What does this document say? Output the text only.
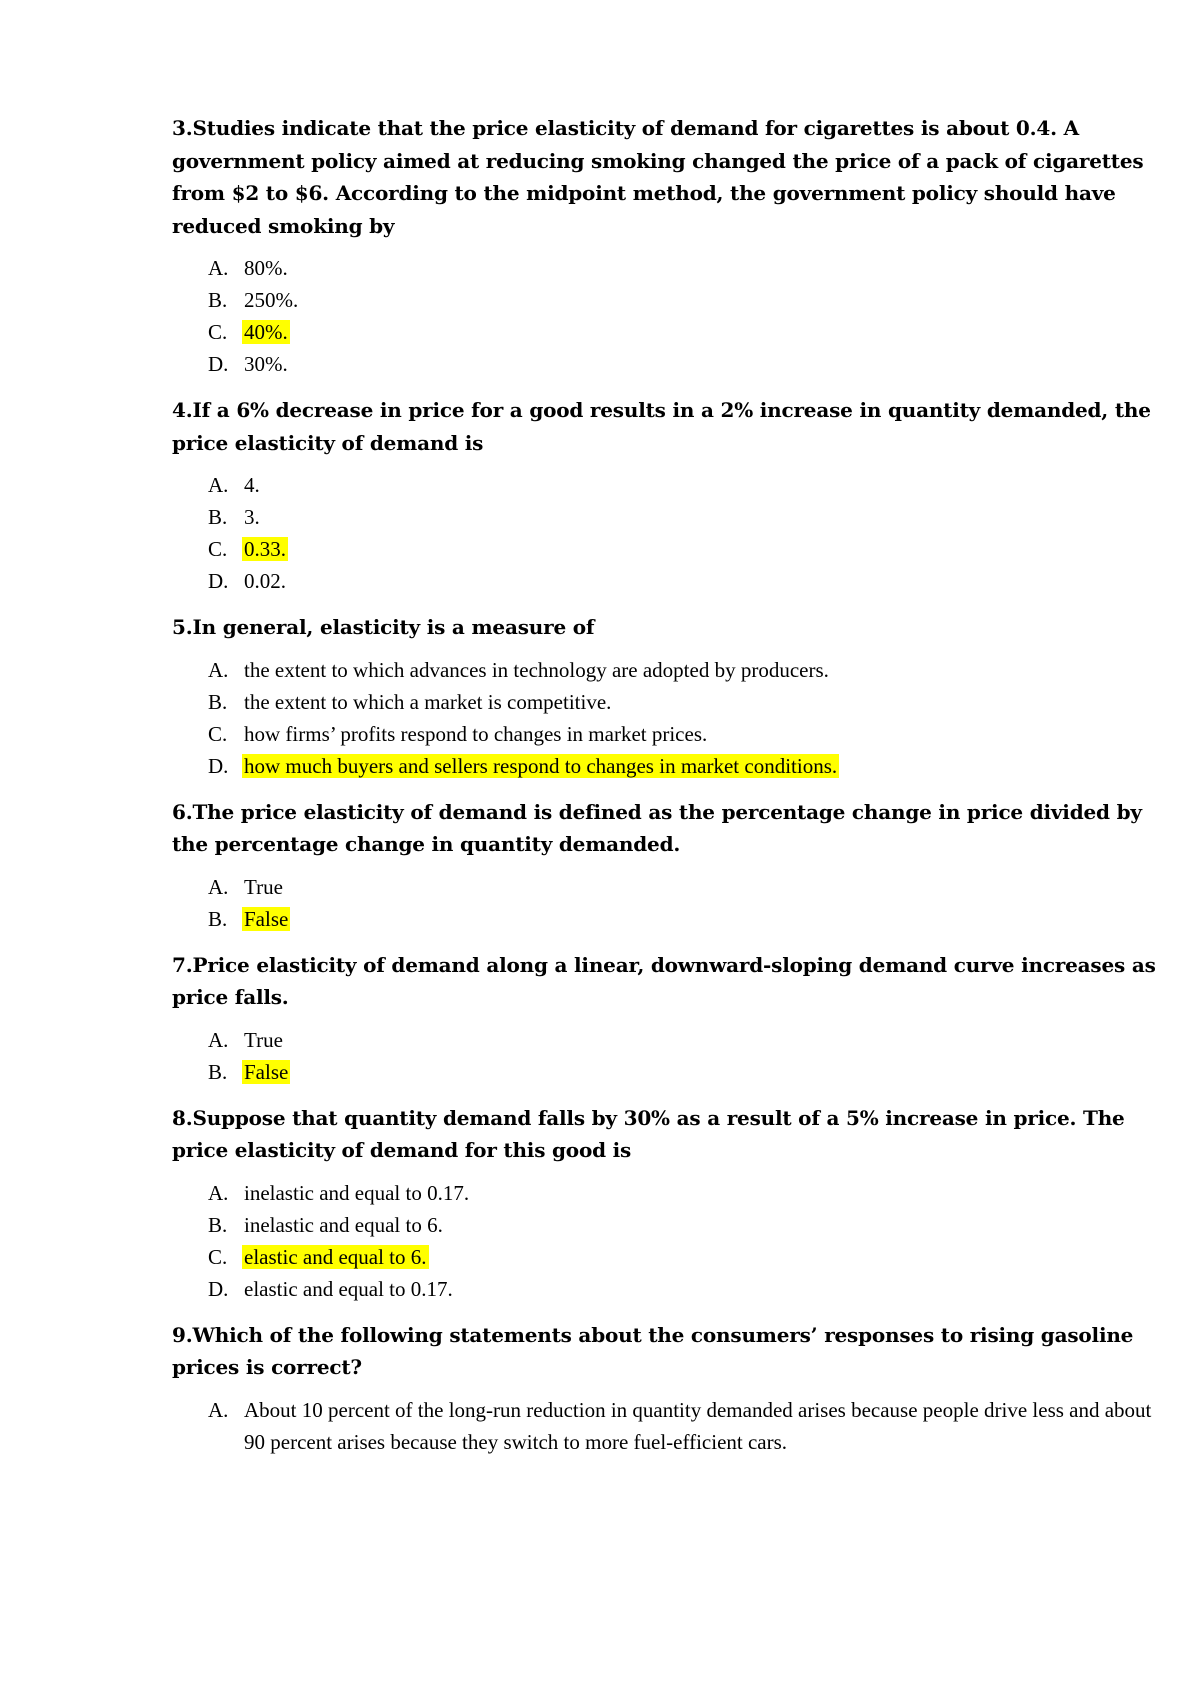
3.Studies indicate that the price elasticity of demand for cigarettes is about 0.4. A government policy aimed at reducing smoking changed the price of a pack of cigarettes from $2 to $6. According to the midpoint method, the government policy should have reduced smoking by

A. 80%.
B. 250%.
C. 40%.
D. 30%.

4.If a 6% decrease in price for a good results in a 2% increase in quantity demanded, the price elasticity of demand is

A. 4.
B. 3.
C. 0.33.
D. 0.02.

5.In general, elasticity is a measure of

A. the extent to which advances in technology are adopted by producers.
B. the extent to which a market is competitive.
C. how firms’ profits respond to changes in market prices.
D. how much buyers and sellers respond to changes in market conditions.

6.The price elasticity of demand is defined as the percentage change in price divided by the percentage change in quantity demanded.

A. True
B. False

7.Price elasticity of demand along a linear, downward-sloping demand curve increases as price falls.

A. True
B. False

8.Suppose that quantity demand falls by 30% as a result of a 5% increase in price. The price elasticity of demand for this good is

A. inelastic and equal to 0.17.
B. inelastic and equal to 6.
C. elastic and equal to 6.
D. elastic and equal to 0.17.

9.Which of the following statements about the consumers’ responses to rising gasoline prices is correct?

A. About 10 percent of the long-run reduction in quantity demanded arises because people drive less and about 90 percent arises because they switch to more fuel-efficient cars.
